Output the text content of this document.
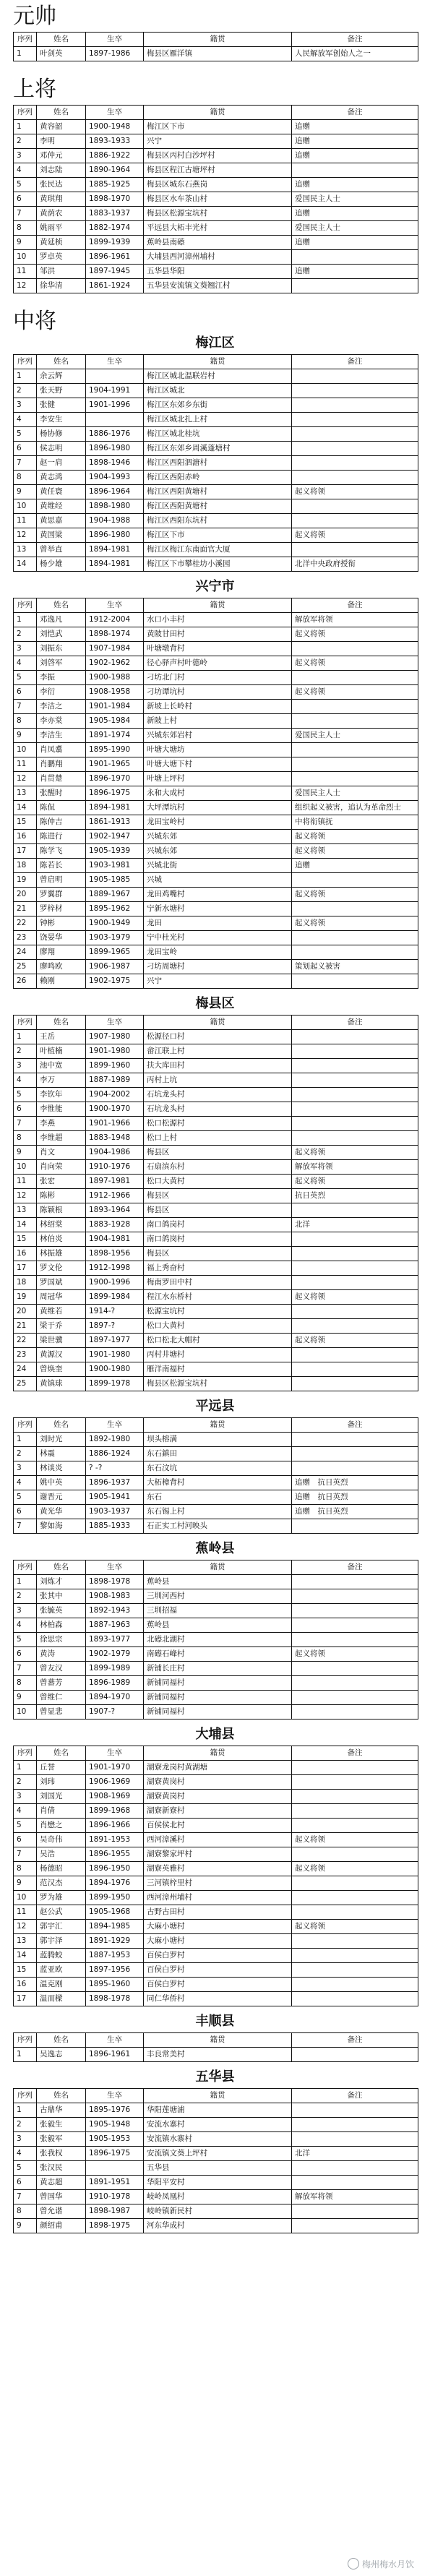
元帅
序列	姓名	生卒	籍贯	备注
1	叶剑英	1897-1986	梅县区雁洋镇	人民解放军创始人之一
上将
序列	姓名	生卒	籍贯	备注
1	黄容韶	1900-1948	梅江区下市	追赠
2	李明	1893-1933	兴宁	追赠
3	邓仲元	1886-1922	梅县区丙村白沙坪村	追赠
4	刘志陆	1890-1964	梅县区程江古塘坪村	
5	张民达	1885-1925	梅县区城东石燕岗	追赠
6	黄琪翔	1898-1970	梅县区水车茶山村	爱国民主人士
7	黄荫农	1883-1937	梅县区松源宝坑村	追赠
8	姚雨平	1882-1974	平远县大柘丰光村	爱国民主人士
9	黄延桢	1899-1939	蕉岭县南礤	追赠
10	罗卓英	1896-1961	大埔县西河漳州埔村	
11	邹洪	1897-1945	五华县华阳	追赠
12	徐华清	1861-1924	五华县安流镇文葵翘江村	
中将
梅江区
序列	姓名	生卒	籍贯	备注
1	余云辉		梅江区城北温联岩村	
2	张天野	1904-1991	梅江区城北	
3	张健	1901-1996	梅江区东郊乡东街	
4	李安生		梅江区城北扎上村	
5	杨协修	1886-1976	梅江区城北桂坑	
6	侯志明	1896-1980	梅江区东郊乡周溪蓬塘村	
7	赵一肩	1898-1946	梅江区西阳泗溏村	
8	黄志鸿	1904-1993	梅江区西阳赤岭	
9	黄任寰	1896-1964	梅江区西阳黄塘村	起义将领
10	黄维经	1898-1980	梅江区西阳黄塘村	
11	黄思嘉	1904-1988	梅江区西阳东坑村	
12	黄国梁	1896-1980	梅江区下市	起义将领
13	曾举直	1894-1981	梅江区梅江东南面官大厦	
14	杨少雄	1894-1981	梅江区下市攀桂坊小溪园	北洋中央政府授衔
兴宁市
序列	姓名	生卒	籍贯	备注
1	邓逸凡	1912-2004	水口小丰村	解放军将领
2	刘恺武	1898-1974	黄陂甘田村	起义将领
3	刘振东	1907-1984	叶塘墩背村	
4	刘啓军	1902-1962	径心驿声村叶德岭	起义将领
5	李振	1900-1988	刁坊北门村	
6	李衍	1908-1958	刁坊谭坑村	起义将领
7	李洁之	1901-1984	新坡上长岭村	
8	李亦棠	1905-1984	新陂上村	
9	李洁生	1891-1974	兴城东郊岩村	爱国民主人士
10	肖凤翥	1895-1990	叶塘大塘坊	
11	肖鹏翔	1901-1965	叶塘大塘下村	
12	肖贯楚	1896-1970	叶塘上坪村	
13	张醒时	1896-1975	永和大成村	爱国民主人士
14	陈侃	1894-1981	大坪潭坑村	组织起义被害，追认为革命烈士
15	陈仲吉	1861-1913	龙田宝岭村	中将衔镇抚
16	陈进行	1902-1947	兴城东郊	起义将领
17	陈学飞	1905-1939	兴城东郊	起义将领
18	陈若长	1903-1981	兴城北街	追赠
19	曾启明	1905-1985	兴城	
20	罗翼群	1889-1967	龙田鸡嘴村	起义将领
21	罗梓材	1895-1962	宁新水塘村	
22	钟彬	1900-1949	龙田	起义将领
23	饶晏华	1903-1979	宁中杜光村	
24	廖翔	1899-1965	龙田宝岭	
25	廖鸣欧	1906-1987	刁坊周塘村	策划起义被害
26	赖刚	1902-1975	兴宁	
梅县区
序列	姓名	生卒	籍贯	备注
1	王岳	1907-1980	松源径口村	
2	叶植楠	1901-1980	畲江联上村	
3	池中宽	1899-1960	扶大库田村	
4	李万	1887-1989	丙村上坑	
5	李钦年	1904-2002	石坑龙头村	
6	李惟能	1900-1970	石坑龙头村	
7	李燕	1901-1966	松口松源村	
8	李维超	1883-1948	松口上村	
9	肖文	1904-1986	梅县区	起义将领
10	肖向荣	1910-1976	石扇滨东村	解放军将领
11	张宏	1897-1981	松口大黄村	起义将领
12	陈彬	1912-1966	梅县区	抗日英烈
13	陈颖根	1893-1964	梅县区	
14	林绍棠	1883-1928	南口鸽岗村	北洋
15	林伯炎	1904-1981	南口鸽岗村	
16	林振雄	1898-1956	梅县区	
17	罗文伦	1912-1998	福上秀奋村	
18	罗国斌	1900-1996	梅南罗田中村	
19	周冠华	1899-1984	程江水东桥村	起义将领
20	黄维若	1914-?	松源宝坑村	
21	梁于乔	1897-?	松口大黄村	
22	梁世骥	1897-1977	松口松北大帽村	起义将领
23	黄源汉	1901-1980	丙村井塘村	
24	曾焕奎	1900-1980	雁洋南福村	
25	黄镇球	1899-1978	梅县区松源宝坑村	
平远县
序列	姓名	生卒	籍贯	备注
1	刘时光	1892-1980	坝头榕满	
2	林震	1886-1924	东石鎮田	
3	林谈炎	? -?	东石汶坑	
4	姚中英	1896-1937	大柘樟背村	追赠　抗日英烈
5	谢晋元	1905-1941	东石	追赠　抗日英烈
6	黄光华	1903-1937	东石锡上村	追赠　抗日英烈
7	黎如海	1885-1933	石正实工村河映头	
蕉岭县
序列	姓名	生卒	籍贯	备注
1	刘炼才	1898-1978	蕉岭县	
2	张其中	1908-1983	三圳河西村	
3	张毓英	1892-1943	三圳招福	
4	林柏森	1887-1963	蕉岭县	
5	徐思宗	1893-1977	北礤北湖村	
6	黄涛	1902-1979	南礤石峰村	起义将领
7	曾友汉	1899-1989	新铺长庄村	
8	曾蕃芳	1896-1989	新铺同福村	
9	曾维仁	1894-1970	新铺同福村	
10	曾显悲	1907-?	新铺同福村	
大埔县
序列	姓名	生卒	籍贯	备注
1	丘誉	1901-1970	湖寮龙岗村黄湖塘	
2	刘玮	1906-1969	湖寮黄岗村	
3	刘国光	1908-1969	湖寮黄岗村	
4	肖倩	1899-1968	湖寮新寮村	
5	肖懋之	1896-1966	百侯侯北村	
6	吴奇伟	1891-1953	西河漳溪村	起义将领
7	吴浩	1896-1955	湖寮黎家坪村	
8	杨德昭	1896-1950	湖寮英雅村	起义将领
9	范汉杰	1894-1976	三河镇梓里村	
10	罗为雄	1899-1950	西河漳州埔村	
11	赵公武	1905-1968	古野古田村	
12	郭宇汇	1894-1985	大麻小塘村	起义将领
13	郭宇泽	1891-1929	大麻小塘村	
14	蓝腾蛟	1887-1953	百侯白罗村	
15	蓝亚欧	1897-1956	百侯白罗村	
16	温克刚	1895-1960	百侯白罗村	
17	温而樑	1898-1978	同仁华侨村	
丰顺县
序列	姓名	生卒	籍贯	备注
1	吴逸志	1896-1961	丰良常美村	
五华县
序列	姓名	生卒	籍贯	备注
1	古鼎华	1895-1976	华阳莲塘浦	
2	张毅生	1905-1948	安流水寨村	
3	张毅军	1905-1953	安流镇水寨村	
4	张我权	1896-1975	安流镇文葵上坪村	北洋
5	张汉民		五华县	
6	黄志超	1891-1951	华阳平安村	
7	曾国华	1910-1978	岐岭凤凰村	解放军将领
8	曾允谐	1898-1987	岐岭镇新民村	
9	颜绍甫	1898-1975	河东华成村	
梅州梅水月饮
